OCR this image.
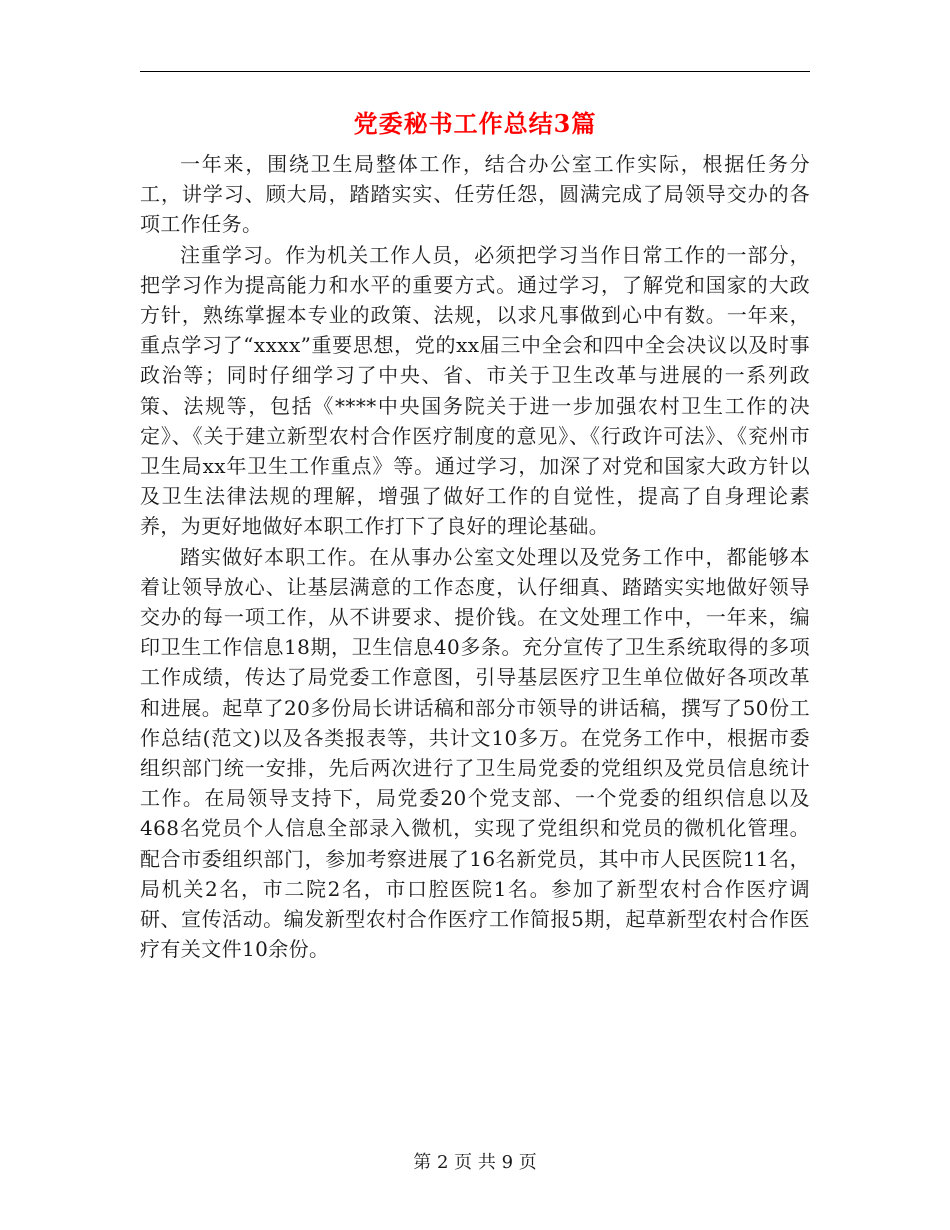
党委秘书工作总结3篇

一年来，围绕卫生局整体工作，结合办公室工作实际，根据任务分工，讲学习、顾大局，踏踏实实、任劳任怨，圆满完成了局领导交办的各项工作任务。

注重学习。作为机关工作人员，必须把学习当作日常工作的一部分，把学习作为提高能力和水平的重要方式。通过学习，了解党和国家的大政方针，熟练掌握本专业的政策、法规，以求凡事做到心中有数。一年来，重点学习了“xxxx”重要思想，党的xx届三中全会和四中全会决议以及时事政治等；同时仔细学习了中央、省、市关于卫生改革与进展的一系列政策、法规等，包括《****中央国务院关于进一步加强农村卫生工作的决定》、《关于建立新型农村合作医疗制度的意见》、《行政许可法》、《兖州市卫生局xx年卫生工作重点》等。通过学习，加深了对党和国家大政方针以及卫生法律法规的理解，增强了做好工作的自觉性，提高了自身理论素养，为更好地做好本职工作打下了良好的理论基础。

踏实做好本职工作。在从事办公室文处理以及党务工作中，都能够本着让领导放心、让基层满意的工作态度，认仔细真、踏踏实实地做好领导交办的每一项工作，从不讲要求、提价钱。在文处理工作中，一年来，编印卫生工作信息18期，卫生信息40多条。充分宣传了卫生系统取得的多项工作成绩，传达了局党委工作意图，引导基层医疗卫生单位做好各项改革和进展。起草了20多份局长讲话稿和部分市领导的讲话稿，撰写了50份工作总结(范文)以及各类报表等，共计文10多万。在党务工作中，根据市委组织部门统一安排，先后两次进行了卫生局党委的党组织及党员信息统计工作。在局领导支持下，局党委20个党支部、一个党委的组织信息以及468名党员个人信息全部录入微机，实现了党组织和党员的微机化管理。配合市委组织部门，参加考察进展了16名新党员，其中市人民医院11名，局机关2名，市二院2名，市口腔医院1名。参加了新型农村合作医疗调研、宣传活动。编发新型农村合作医疗工作简报5期，起草新型农村合作医疗有关文件10余份。

第 2 页 共 9 页
